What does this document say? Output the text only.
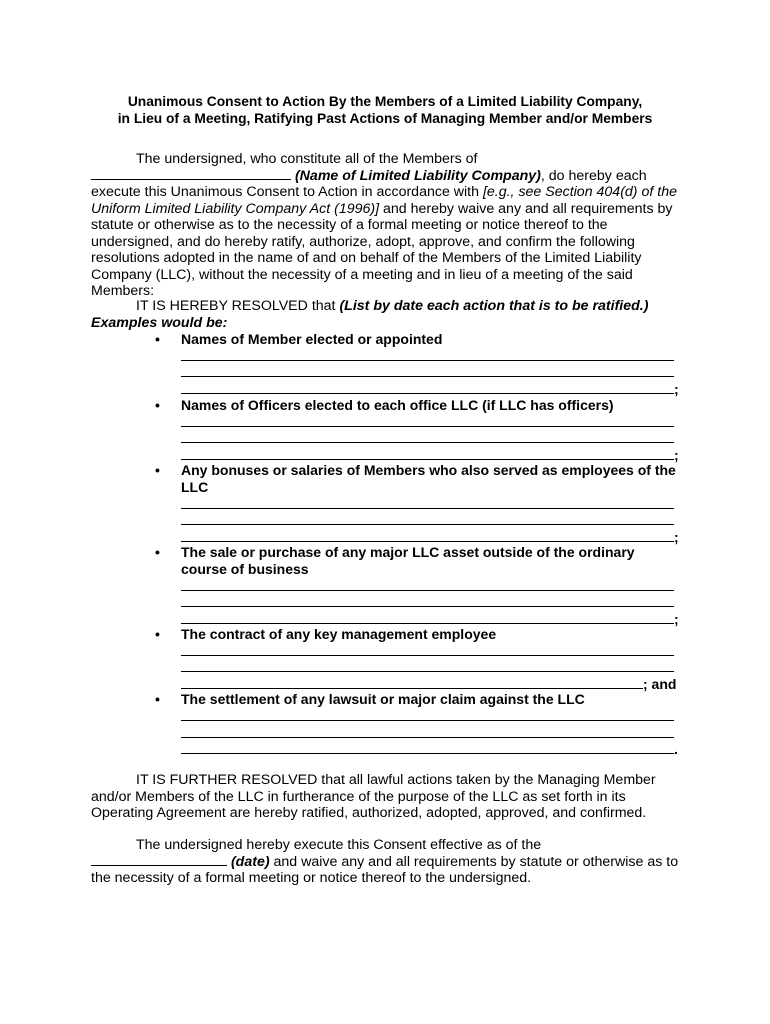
Unanimous Consent to Action By the Members of a Limited Liability Company,
in Lieu of a Meeting, Ratifying Past Actions of Managing Member and/or Members
The undersigned, who constitute all of the Members of  (Name of Limited Liability Company), do hereby each execute this Unanimous Consent to Action in accordance with [e.g., see Section 404(d) of the Uniform Limited Liability Company Act (1996)] and hereby waive any and all requirements by statute or otherwise as to the necessity of a formal meeting or notice thereof to the undersigned, and do hereby ratify, authorize, adopt, approve, and confirm the following resolutions adopted in the name of and on behalf of the Members of the Limited Liability Company (LLC), without the necessity of a meeting and in lieu of a meeting of the said Members:
IT IS HEREBY RESOLVED that (List by date each action that is to be ratified.) Examples would be:
•	Names of Member elected or appointed
;
•	Names of Officers elected to each office LLC (if LLC has officers)
;
•	Any bonuses or salaries of Members who also served as employees of the LLC
;
•	The sale or purchase of any major LLC asset outside of the ordinary course of business
;
•	The contract of any key management employee
; and
•	The settlement of any lawsuit or major claim against the LLC
.
IT IS FURTHER RESOLVED that all lawful actions taken by the Managing Member and/or Members of the LLC in furtherance of the purpose of the LLC as set forth in its Operating Agreement are hereby ratified, authorized, adopted, approved, and confirmed.
The undersigned hereby execute this Consent effective as of the  (date) and waive any and all requirements by statute or otherwise as to the necessity of a formal meeting or notice thereof to the undersigned.
